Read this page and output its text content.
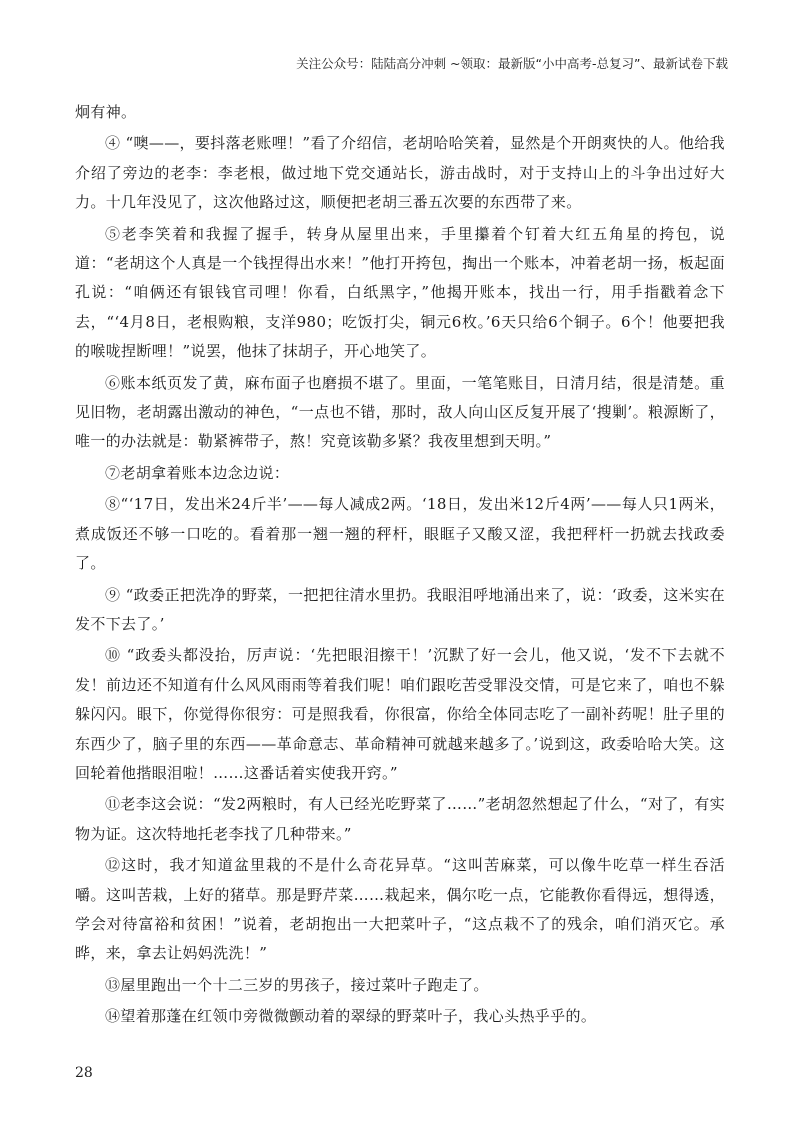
关注公众号：陆陆高分冲刺 ~领取：最新版“小中高考-总复习”、最新试卷下载

炯有神。

④ “噢——，要抖落老账哩！”看了介绍信，老胡哈哈笑着，显然是个开朗爽快的人。他给我介绍了旁边的老李：李老根，做过地下党交通站长，游击战时，对于支持山上的斗争出过好大力。十几年没见了，这次他路过这，顺便把老胡三番五次要的东西带了来。

⑤老李笑着和我握了握手，转身从屋里出来，手里攥着个钉着大红五角星的挎包，说道：“老胡这个人真是一个钱捏得出水来！”他打开挎包，掏出一个账本，冲着老胡一扬，板起面孔说：“咱俩还有银钱官司哩！你看，白纸黑字，”他揭开账本，找出一行，用手指戳着念下去，“‘4月8日，老根购粮，支洋980；吃饭打尖，铜元6枚。’6天只给6个铜子。6个！他要把我的喉咙捏断哩！”说罢，他抹了抹胡子，开心地笑了。

⑥账本纸页发了黄，麻布面子也磨损不堪了。里面，一笔笔账目，日清月结，很是清楚。重见旧物，老胡露出激动的神色，“一点也不错，那时，敌人向山区反复开展了‘搜剿’。粮源断了，唯一的办法就是：勒紧裤带子，熬！究竟该勒多紧？我夜里想到天明。”

⑦老胡拿着账本边念边说：

⑧“‘17日，发出米24斤半’——每人减成2两。‘18日，发出米12斤4两’——每人只1两米，煮成饭还不够一口吃的。看着那一翘一翘的秤杆，眼眶子又酸又涩，我把秤杆一扔就去找政委了。

⑨ “政委正把洗净的野菜，一把把往清水里扔。我眼泪呼地涌出来了，说：‘政委，这米实在发不下去了。’

⑩ “政委头都没抬，厉声说：‘先把眼泪擦干！’沉默了好一会儿，他又说，‘发不下去就不发！前边还不知道有什么风风雨雨等着我们呢！咱们跟吃苦受罪没交情，可是它来了，咱也不躲躲闪闪。眼下，你觉得你很穷：可是照我看，你很富，你给全体同志吃了一副补药呢！肚子里的东西少了，脑子里的东西——革命意志、革命精神可就越来越多了。’说到这，政委哈哈大笑。这回轮着他揩眼泪啦！……这番话着实使我开窍。”

⑪老李这会说：“发2两粮时，有人已经光吃野菜了……”老胡忽然想起了什么，“对了，有实物为证。这次特地托老李找了几种带来。”

⑫这时，我才知道盆里栽的不是什么奇花异草。“这叫苦麻菜，可以像牛吃草一样生吞活嚼。这叫苦栽，上好的猪草。那是野芹菜……栽起来，偶尔吃一点，它能教你看得远，想得透，学会对待富裕和贫困！”说着，老胡抱出一大把菜叶子，“这点栽不了的残余，咱们消灭它。承晔，来，拿去让妈妈洗洗！”

⑬屋里跑出一个十二三岁的男孩子，接过菜叶子跑走了。

⑭望着那蓬在红领巾旁微微颤动着的翠绿的野菜叶子，我心头热乎乎的。

28
